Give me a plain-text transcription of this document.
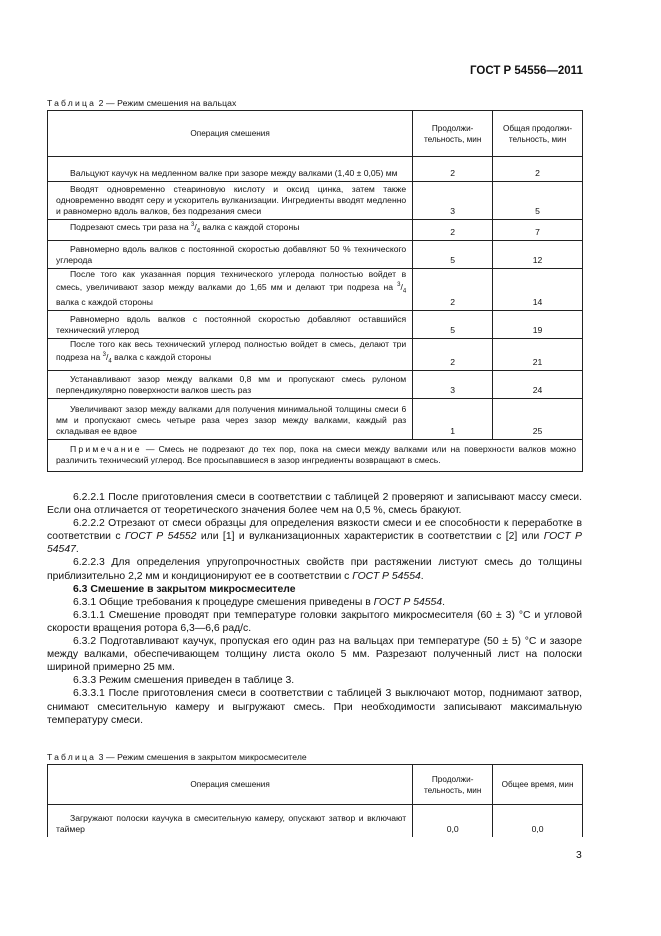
ГОСТ Р 54556—2011
Таблица 2 — Режим смешения на вальцах
Операция смешения	Продолжи-тельность, мин	Общая продолжи-тельность, мин
Вальцуют каучук на медленном валке при зазоре между валками (1,40 ± 0,05) мм	2	2
Вводят одновременно стеариновую кислоту и оксид цинка, затем также одновременно вводят серу и ускоритель вулканизации. Ингредиенты вводят медленно и равномерно вдоль валков, без подрезания смеси	3	5
Подрезают смесь три раза на $^3/_4$ валка с каждой стороны	2	7
Равномерно вдоль валков с постоянной скоростью добавляют 50 % технического углерода	5	12
После того как указанная порция технического углерода полностью войдет в смесь, увеличивают зазор между валками до 1,65 мм и делают три подреза на $^3/_4$ валка с каждой стороны	2	14
Равномерно вдоль валков с постоянной скоростью добавляют оставшийся технический углерод	5	19
После того как весь технический углерод полностью войдет в смесь, делают три подреза на $^3/_4$ валка с каждой стороны	2	21
Устанавливают зазор между валками 0,8 мм и пропускают смесь рулоном перпендикулярно поверхности валков шесть раз	3	24
Увеличивают зазор между валками для получения минимальной толщины смеси 6 мм и пропускают смесь четыре раза через зазор между валками, каждый раз складывая ее вдвое	1	25
Примечание — Смесь не подрезают до тех пор, пока на смеси между валками или на поверхности валков можно различить технический углерод. Все просыпавшиеся в зазор ингредиенты возвращают в смесь.		

6.2.2.1 После приготовления смеси в соответствии с таблицей 2 проверяют и записывают массу смеси. Если она отличается от теоретического значения более чем на 0,5 %, смесь бракуют.

6.2.2.2 Отрезают от смеси образцы для определения вязкости смеси и ее способности к переработке в соответствии с ГОСТ Р 54552 или [1] и вулканизационных характеристик в соответствии с [2] или ГОСТ Р 54547.

6.2.2.3 Для определения упругопрочностных свойств при растяжении листуют смесь до толщины приблизительно 2,2 мм и кондиционируют ее в соответствии с ГОСТ Р 54554.

6.3 Смешение в закрытом микросмесителе

6.3.1 Общие требования к процедуре смешения приведены в ГОСТ Р 54554.

6.3.1.1 Смешение проводят при температуре головки закрытого микросмесителя (60 ± 3) °C и угловой скорости вращения ротора 6,3—6,6 рад/с.

6.3.2 Подготавливают каучук, пропуская его один раз на вальцах при температуре (50 ± 5) °C и зазоре между валками, обеспечивающем толщину листа около 5 мм. Разрезают полученный лист на полоски шириной примерно 25 мм.

6.3.3 Режим смешения приведен в таблице 3.

6.3.3.1 После приготовления смеси в соответствии с таблицей 3 выключают мотор, поднимают затвор, снимают смесительную камеру и выгружают смесь. При необходимости записывают максимальную температуру смеси.

Таблица 3 — Режим смешения в закрытом микросмесителе
Операция смешения	Продолжи-тельность, мин	Общее время, мин
Загружают полоски каучука в смесительную камеру, опускают затвор и включают таймер	0,0	0,0
3
